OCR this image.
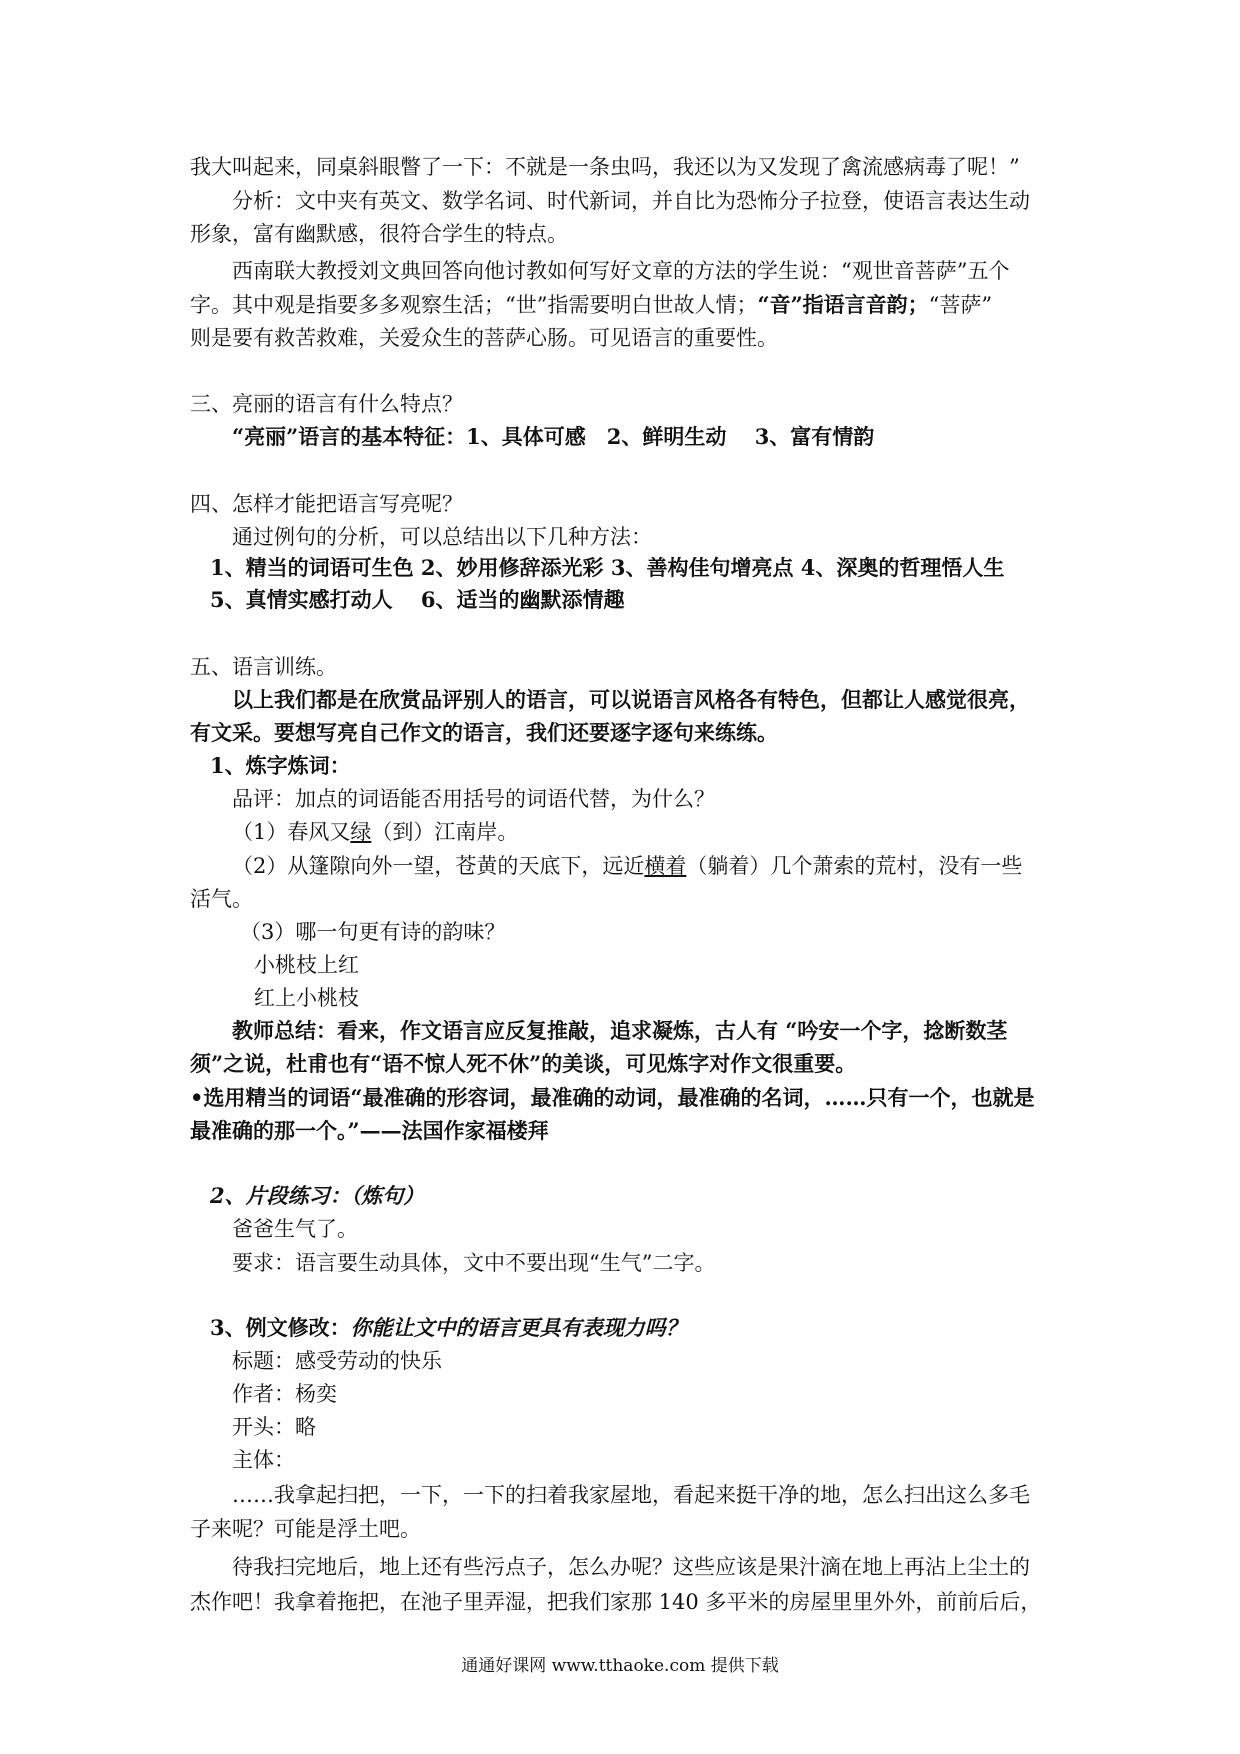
我大叫起来，同桌斜眼瞥了一下：不就是一条虫吗，我还以为又发现了禽流感病毒了呢！”
分析：文中夹有英文、数学名词、时代新词，并自比为恐怖分子拉登，使语言表达生动
形象，富有幽默感，很符合学生的特点。
西南联大教授刘文典回答向他讨教如何写好文章的方法的学生说：“观世音菩萨”五个
字。其中观是指要多多观察生活；“世”指需要明白世故人情；“音”指语言音韵；“菩萨”
则是要有救苦救难，关爱众生的菩萨心肠。可见语言的重要性。
三、亮丽的语言有什么特点？
“亮丽”语言的基本特征：1、具体可感　2、鲜明生动　 3、富有情韵
四、怎样才能把语言写亮呢？
通过例句的分析，可以总结出以下几种方法：
1、精当的词语可生色 2、妙用修辞添光彩 3、善构佳句增亮点 4、深奥的哲理悟人生
5、真情实感打动人　 6、适当的幽默添情趣
五、语言训练。
以上我们都是在欣赏品评别人的语言，可以说语言风格各有特色，但都让人感觉很亮，
有文采。要想写亮自己作文的语言，我们还要逐字逐句来练练。
1、炼字炼词：
品评：加点的词语能否用括号的词语代替，为什么？
（1）春风又绿（到）江南岸。
（2）从篷隙向外一望，苍黄的天底下，远近横着（躺着）几个萧索的荒村，没有一些
活气。
（3）哪一句更有诗的韵味？
小桃枝上红
红上小桃枝
教师总结：看来，作文语言应反复推敲，追求凝炼，古人有 “吟安一个字，捻断数茎
须”之说，杜甫也有“语不惊人死不休”的美谈，可见炼字对作文很重要。
•选用精当的词语“最准确的形容词，最准确的动词，最准确的名词，……只有一个，也就是
最准确的那一个。”——法国作家福楼拜
2、片段练习：（炼句）
爸爸生气了。
要求：语言要生动具体，文中不要出现“生气”二字。
3、例文修改：你能让文中的语言更具有表现力吗？
标题：感受劳动的快乐
作者：杨奕
开头：略
主体：
……我拿起扫把，一下，一下的扫着我家屋地，看起来挺干净的地，怎么扫出这么多毛
子来呢？可能是浮土吧。
待我扫完地后，地上还有些污点子，怎么办呢？这些应该是果汁滴在地上再沾上尘土的
杰作吧！我拿着拖把，在池子里弄湿，把我们家那 140 多平米的房屋里里外外，前前后后，
通通好课网 www.tthaoke.com 提供下载
